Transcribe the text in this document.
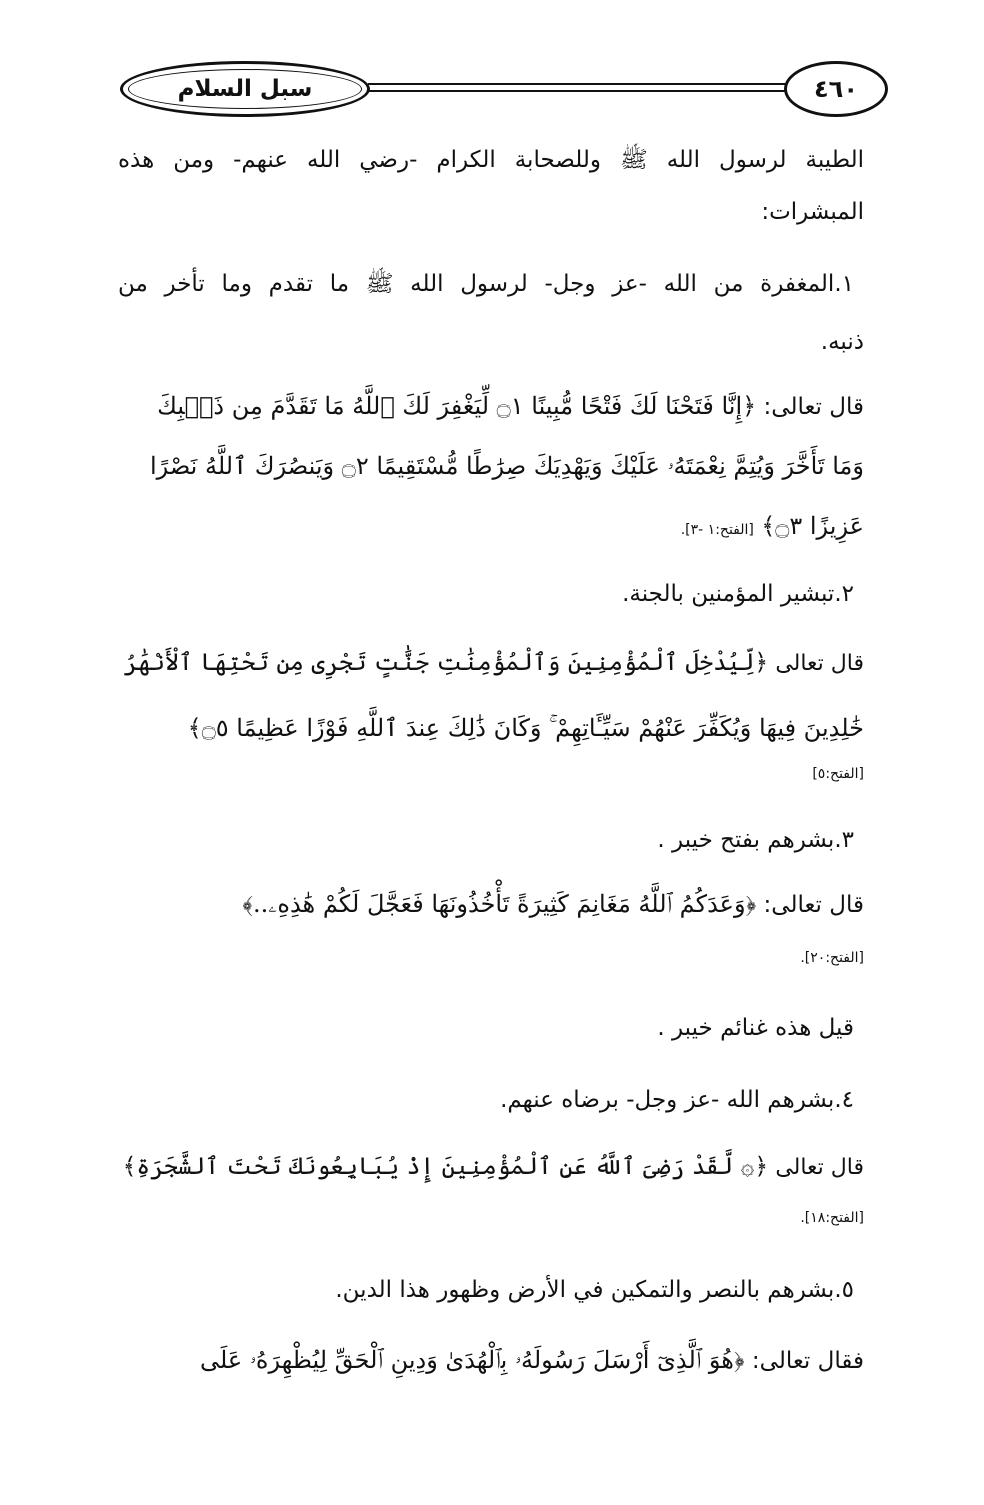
سبل السلام	٤٦٠
الطيبة لرسول الله ﷺ وللصحابة الكرام -رضي الله عنهم- ومن هذه
المبشرات:
١.المغفرة من الله -عز وجل- لرسول الله ﷺ ما تقدم وما تأخر من
ذنبه.
قال تعالى: ﴿إِنَّا فَتَحْنَا لَكَ فَتْحًا مُّبِينًا ۝١ لِّيَغْفِرَ لَكَ ٱللَّهُ مَا تَقَدَّمَ مِن ذَنۢبِكَ
وَمَا تَأَخَّرَ وَيُتِمَّ نِعْمَتَهُۥ عَلَيْكَ وَيَهْدِيَكَ صِرَٰطًا مُّسْتَقِيمًا ۝٢ وَيَنصُرَكَ ٱللَّهُ نَصْرًا
عَزِيزًا ۝٣﴾ [الفتح:١ -٣].
٢.تبشير المؤمنين بالجنة.
قال تعالى ﴿لِّيُدْخِلَ ٱلْمُؤْمِنِينَ وَٱلْمُؤْمِنَٰتِ جَنَّٰتٍ تَجْرِى مِن تَحْتِهَا ٱلْأَنْهَٰرُ
خَٰلِدِينَ فِيهَا وَيُكَفِّرَ عَنْهُمْ سَيِّـَٔاتِهِمْ ۚ وَكَانَ ذَٰلِكَ عِندَ ٱللَّهِ فَوْزًا عَظِيمًا ۝٥﴾
[الفتح:٥]
٣.بشرهم بفتح خيبر .
قال تعالى: ﴿وَعَدَكُمُ ٱللَّهُ مَغَانِمَ كَثِيرَةً تَأْخُذُونَهَا فَعَجَّلَ لَكُمْ هَٰذِهِۦ..﴾
[الفتح:٢٠].
قيل هذه غنائم خيبر .
٤.بشرهم الله -عز وجل- برضاه عنهم.
قال تعالى ﴿۞ لَّقَدْ رَضِىَ ٱللَّهُ عَنِ ٱلْمُؤْمِنِينَ إِذْ يُبَايِعُونَكَ تَحْتَ ٱلشَّجَرَةِ﴾
[الفتح:١٨].
٥.بشرهم بالنصر والتمكين في الأرض وظهور هذا الدين.
فقال تعالى: ﴿هُوَ ٱلَّذِىٓ أَرْسَلَ رَسُولَهُۥ بِٱلْهُدَىٰ وَدِينِ ٱلْحَقِّ لِيُظْهِرَهُۥ عَلَى
